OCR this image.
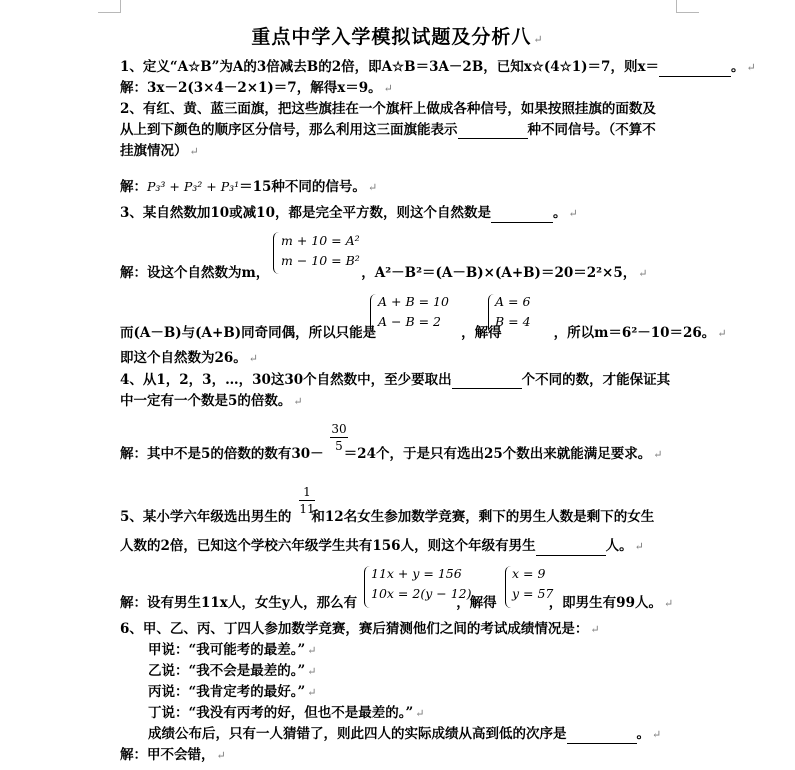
重点中学入学模拟试题及分析八 ↵
1、定义“A☆B”为A的3倍减去B的2倍，即A☆B＝3A－2B，已知x☆(4☆1)＝7，则x＝	。 ↵
解：3x－2(3×4－2×1)＝7，解得x＝9。 ↵
2、有红、黄、蓝三面旗，把这些旗挂在一个旗杆上做成各种信号，如果按照挂旗的面数及
从上到下颜色的顺序区分信号，那么利用这三面旗能表示	种不同信号。（不算不
挂旗情况） ↵
解：P₃³ + P₃² + P₃¹＝15种不同的信号。 ↵
3、某自然数加10或减10，都是完全平方数，则这个自然数是	。 ↵
m + 10 = A²
m − 10 = B²
解：设这个自然数为m，	，A²－B²＝(A－B)×(A+B)＝20＝2²×5， ↵
A + B = 10
A − B = 2
A = 6
B = 4
而(A－B)与(A+B)同奇同偶，所以只能是	，解得	，所以m＝6²－10＝26。 ↵
即这个自然数为26。 ↵
4、从1，2，3，…，30这30个自然数中，至少要取出	个不同的数，才能保证其
中一定有一个数是5的倍数。 ↵
30
5
解：其中不是5的倍数的数有30－ ＝24个，于是只有选出25个数出来就能满足要求。 ↵
1
11
5、某小学六年级选出男生的 和12名女生参加数学竞赛，剩下的男生人数是剩下的女生
人数的2倍，已知这个学校六年级学生共有156人，则这个年级有男生	人。 ↵
11x + y = 156
10x = 2(y − 12)
x = 9
y = 57
解：设有男生11x人，女生y人，那么有	，解得	，即男生有99人。 ↵
6、甲、乙、丙、丁四人参加数学竞赛，赛后猜测他们之间的考试成绩情况是： ↵
甲说：“我可能考的最差。” ↵
乙说：“我不会是最差的。” ↵
丙说：“我肯定考的最好。” ↵
丁说：“我没有丙考的好，但也不是最差的。” ↵
成绩公布后，只有一人猜错了，则此四人的实际成绩从高到低的次序是	。 ↵
解：甲不会错， ↵
